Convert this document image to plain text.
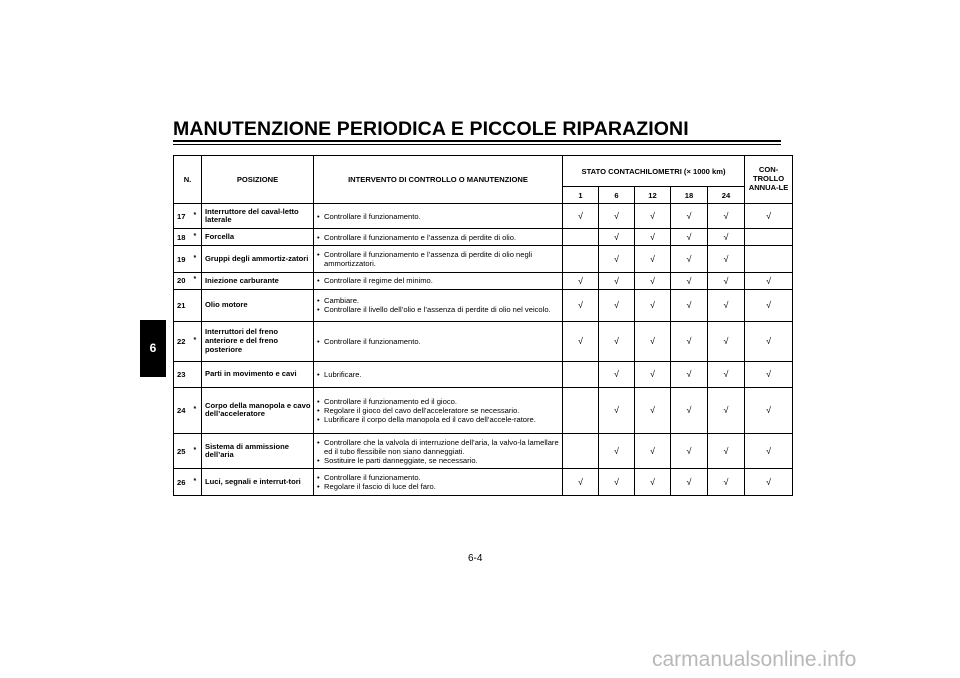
MANUTENZIONE PERIODICA E PICCOLE RIPARAZIONI
6
N.		POSIZIONE	INTERVENTO DI CONTROLLO O MANUTENZIONE	STATO CONTACHILOMETRI (× 1000 km)					CON-TROLLO ANNUA-LE
				1	6	12	18	24	
17	*	Interruttore del caval-letto laterale	• Controllare il funzionamento.	√	√	√	√	√	√
18	*	Forcella	• Controllare il funzionamento e l’assenza di perdite di olio.		√	√	√	√	
19	*	Gruppi degli ammortiz-zatori	• Controllare il funzionamento e l’assenza di perdite di olio negli ammortizzatori.		√	√	√	√	
20	*	Iniezione carburante	• Controllare il regime del minimo.	√	√	√	√	√	√
21		Olio motore	• Cambiare.
• Controllare il livello dell’olio e l’assenza di perdite di olio nel veicolo.	√	√	√	√	√	√
22	*	Interruttori del freno anteriore e del freno posteriore	• Controllare il funzionamento.	√	√	√	√	√	√
23		Parti in movimento e cavi	• Lubrificare.		√	√	√	√	√
24	*	Corpo della manopola e cavo dell’acceleratore	• Controllare il funzionamento ed il gioco.
• Regolare il gioco del cavo dell’acceleratore se necessario.
• Lubrificare il corpo della manopola ed il cavo dell’accele-ratore.		√	√	√	√	√
25	*	Sistema di ammissione dell’aria	• Controllare che la valvola di interruzione dell’aria, la valvo-la lamellare ed il tubo flessibile non siano danneggiati.
• Sostituire le parti danneggiate, se necessario.		√	√	√	√	√
26	*	Luci, segnali e interrut-tori	• Controllare il funzionamento.
• Regolare il fascio di luce del faro.	√	√	√	√	√	√
6-4
carmanualsonline.info
